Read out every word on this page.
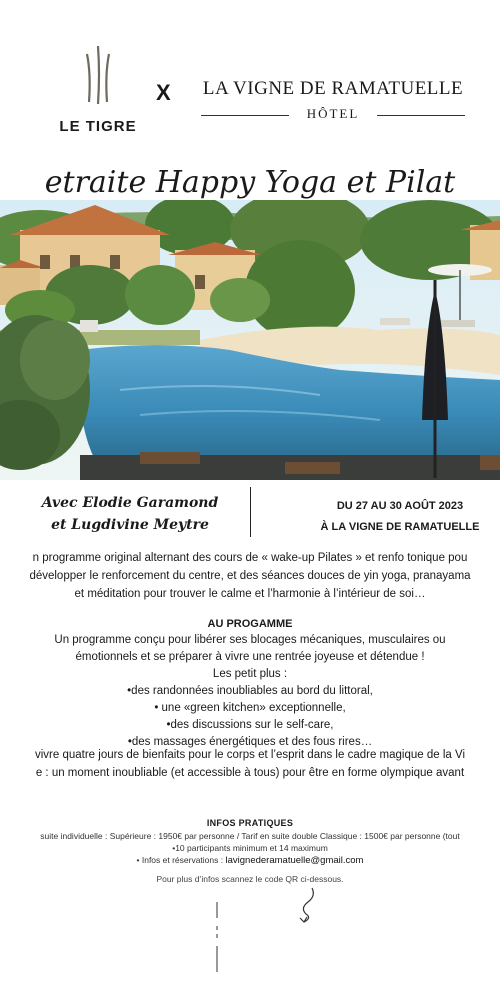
LE TIGRE
X LA VIGNE DE RAMATUELLE
HÔTEL
etraite Happy Yoga et Pilat
Avec Elodie Garamond
et Lugdivine Meytre
DU 27 AU 30 AOÛT 2023
À LA VIGNE DE RAMATUELLE

n programme original alternant des cours de « wake-up Pilates » et renfo tonique pou

développer le renforcement du centre, et des séances douces de yin yoga, pranayama

et méditation pour trouver le calme et l’harmonie à l’intérieur de soi…

AU PROGAMME

Un programme conçu pour libérer ses blocages mécaniques, musculaires ou

émotionnels et se préparer à vivre une rentrée joyeuse et détendue !

Les petit plus :

•des randonnées inoubliables au bord du littoral,

• une «green kitchen» exceptionnelle,

•des discussions sur le self-care,

•des massages énergétiques et des fous rires…

vivre quatre jours de bienfaits pour le corps et l’esprit dans le cadre magique de la Vi

e : un moment inoubliable (et accessible à tous) pour être en forme olympique avant

INFOS PRATIQUES
suite individuelle : Supérieure : 1950€ par personne / Tarif en suite double Classique : 1500€ par personne (tout
•10 participants minimum et 14 maximum
• Infos et réservations : lavignederamatuelle@gmail.com
Pour plus d’infos scannez le code QR ci-dessous.
